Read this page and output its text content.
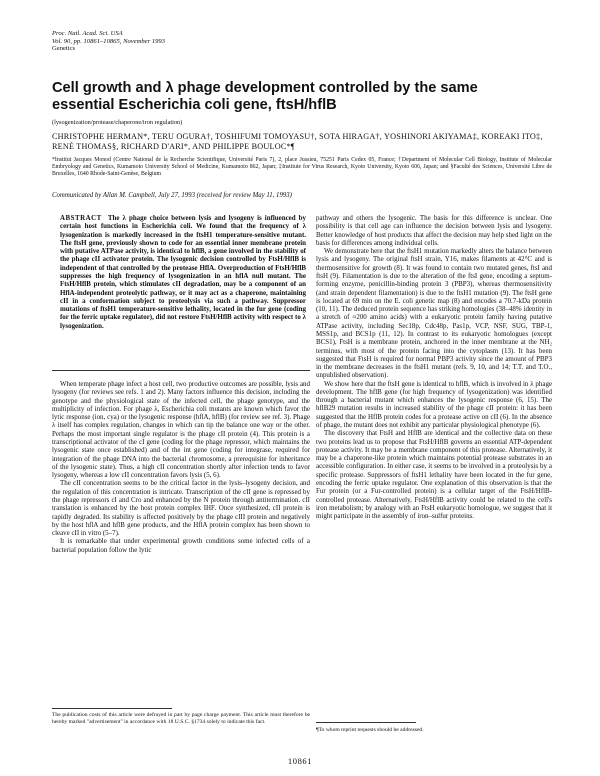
Proc. Natl. Acad. Sci. USA
Vol. 90, pp. 10861–10865, November 1993
Genetics
Cell growth and λ phage development controlled by the same essential Escherichia coli gene, ftsH/hflB
(lysogenization/protease/chaperone/iron regulation)
CHRISTOPHE HERMAN*, TERU OGURA†, TOSHIFUMI TOMOYASU†, SOTA HIRAGA†, YOSHINORI AKIYAMA‡, KOREAKI ITO‡, RENÉ THOMAS§, RICHARD D'ARI*, AND PHILIPPE BOULOC*¶
*Institut Jacques Monod (Centre National de la Recherche Scientifique, Université Paris 7), 2, place Jussieu, 75251 Paris Cedex 05, France; †Department of Molecular Cell Biology, Institute of Molecular Embryology and Genetics, Kumamoto University School of Medicine, Kumamoto 862, Japan; ‡Institute for Virus Research, Kyoto University, Kyoto 606, Japan; and §Faculté des Sciences, Université Libre de Bruxelles, 1640 Rhode-Saint-Genèse, Belgium
Communicated by Allan M. Campbell, July 27, 1993 (received for review May 11, 1993)
ABSTRACT The λ phage choice between lysis and lysogeny is influenced by certain host functions in Escherichia coli. We found that the frequency of λ lysogenization is markedly increased in the ftsH1 temperature-sensitive mutant. The ftsH gene, previously shown to code for an essential inner membrane protein with putative ATPase activity, is identical to hflB, a gene involved in the stability of the phage cII activator protein. The lysogenic decision controlled by FtsH/HflB is independent of that controlled by the protease HflA. Overproduction of FtsH/HflB suppresses the high frequency of lysogenization in an hflA null mutant. The FtsH/HflB protein, which stimulates cII degradation, may be a component of an HflA-independent proteolytic pathway, or it may act as a chaperone, maintaining cII in a conformation subject to proteolysis via such a pathway. Suppressor mutations of ftsH1 temperature-sensitive lethality, located in the fur gene (coding for the ferric uptake regulator), did not restore FtsH/HflB activity with respect to λ lysogenization.

When temperate phage infect a host cell, two productive outcomes are possible, lysis and lysogeny (for reviews see refs. 1 and 2). Many factors influence this decision, including the genotype and the physiological state of the infected cell, the phage genotype, and the multiplicity of infection. For phage λ, Escherichia coli mutants are known which favor the lytic response (ion, cya) or the lysogenic response (hflA, hflB) (for review see ref. 3). Phage λ itself has complex regulation, changes in which can tip the balance one way or the other. Perhaps the most important single regulator is the phage cII protein (4). This protein is a transcriptional activator of the cI gene (coding for the phage repressor, which maintains the lysogenic state once established) and of the int gene (coding for integrase, required for integration of the phage DNA into the bacterial chromosome, a prerequisite for inheritance of the lysogenic state). Thus, a high cII concentration shortly after infection tends to favor lysogeny, whereas a low cII concentration favors lysis (5, 6).

The cII concentration seems to be the critical factor in the lysis–lysogeny decision, and the regulation of this concentration is intricate. Transcription of the cII gene is repressed by the phage repressors cI and Cro and enhanced by the N protein through antitermination. cII translation is enhanced by the host protein complex IHF. Once synthesized, cII protein is rapidly degraded. Its stability is affected positively by the phage cIII protein and negatively by the host hflA and hflB gene products, and the HflA protein complex has been shown to cleave cII in vitro (5–7).

It is remarkable that under experimental growth conditions some infected cells of a bacterial population follow the lytic

The publication costs of this article were defrayed in part by page charge payment. This article must therefore be hereby marked "advertisement" in accordance with 18 U.S.C. §1734 solely to indicate this fact.

pathway and others the lysogenic. The basis for this difference is unclear. One possibility is that cell age can influence the decision between lysis and lysogeny. Better knowledge of host products that affect the decision may help shed light on the basis for differences among individual cells.

We demonstrate here that the ftsH1 mutation markedly alters the balance between lysis and lysogeny. The original ftsH strain, Y16, makes filaments at 42°C and is thermosensitive for growth (8). It was found to contain two mutated genes, ftsI and ftsH (9). Filamentation is due to the alteration of the ftsI gene, encoding a septum-forming enzyme, penicillin-binding protein 3 (PBP3), whereas thermosensitivity (and strain dependent filamentation) is due to the ftsH1 mutation (9). The ftsH gene is located at 69 min on the E. coli genetic map (8) and encodes a 70.7-kDa protein (10, 11). The deduced protein sequence has striking homologies (38–48% identity in a stretch of ≈200 amino acids) with a eukaryotic protein family having putative ATPase activity, including Sec18p, Cdc48p, Pas1p, VCP, NSF, SUG, TBP-1, MSS1p, and BCS1p (11, 12). In contrast to its eukaryotic homologues (except BCS1), FtsH is a membrane protein, anchored in the inner membrane at the NH₂ terminus, with most of the protein facing into the cytoplasm (13). It has been suggested that FtsH is required for normal PBP3 activity since the amount of PBP3 in the membrane decreases in the ftsH1 mutant (refs. 9, 10, and 14; T.T. and T.O., unpublished observation).

We show here that the ftsH gene is identical to hflB, which is involved in λ phage development. The hflB gene (for high frequency of lysogenization) was identified through a bacterial mutant which enhances the lysogenic response (6, 15). The hflB29 mutation results in increased stability of the phage cII protein: it has been suggested that the HflB protein codes for a protease active on cII (6). In the absence of phage, the mutant does not exhibit any particular physiological phenotype (6).

The discovery that FtsH and HflB are identical and the collective data on these two proteins lead us to propose that FtsH/HflB governs an essential ATP-dependent protease activity. It may be a membrane component of this protease. Alternatively, it may be a chaperone-like protein which maintains potential protease substrates in an accessible configuration. In either case, it seems to be involved in a proteolysis by a specific protease. Suppressors of ftsH1 lethality have been located in the fur gene, encoding the ferric uptake regulator. One explanation of this observation is that the Fur protein (or a Fur-controlled protein) is a cellular target of the FtsH/HflB-controlled protease. Alternatively, FtsH/HflB activity could be related to the cell's iron metabolism; by analogy with an FtsH eukaryotic homologue, we suggest that it might participate in the assembly of iron–sulfur proteins.

¶To whom reprint requests should be addressed.
10861
